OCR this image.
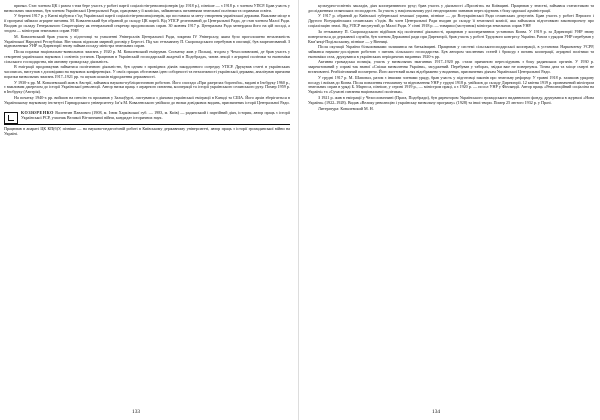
принял. Стає членом ЦК і разом з тим бере участь у роботі партії соціалістів-революціонерів (до 1918 р.), пізніше — з 1918 р. є членом УПСР. Брав участь у визвольних змаганнях, був членом Української Центральної Ради, працював у її комісіях, займаючись питаннями земельної політики та справами освіти.

У березні 1917 р. у Києві відбувся з’їзд Української партії соціалістів-революціонерів, що поставила за мету створення української держави. Важливе місце в її програмі займало аграрне питання. М. Ковалевський був обраний до складу ЦК партії. Від УПСР делегований до Центральної Ради, де став членом Малої Ради. Входив до складу Генерального Секретаріату як генеральний секретар продовольчих справ. 30 жовтня 1917 р. Центральна Рада затвердила його на цій посаді, а згодом — міністром земельних справ УНР.

М. Ковалевський брав участь у підготовці та ухваленні Універсалів Центральної Ради, зокрема IV Універсалу, яким було проголошено незалежність Української Народної Республіки. Він також підписав мирний договір у Бересті. Під час гетьманату П. Скоропадського перебував в опозиції, був заарештований. З відновленням УНР за Директорії знову займав посаду міністра земельних справ.

Після поразки національно-визвольних змагань у 1920 р. М. Ковалевський емігрував. Спочатку жив у Польщі, згодом у Чехословаччині, де брав участь у створенні українських наукових і освітніх установ. Працював в Українській господарській академії в Подєбрадах, читав лекції з аграрної політики та економіки сільського господарства, вів активну громадську діяльність.

В еміграції продовжував займатися політичною діяльністю, був одним з провідних діячів закордонного осередку УПСР. Друкував статті в українських часописах, виступав з доповідями на наукових конференціях. У своїх працях обстоював ідею соборності та незалежності української держави, аналізував причини поразки визвольних змагань 1917–1921 рр. та шукав шляхів відродження державності.

У 1930-х рр. М. Ковалевський жив в Австрії, займався науково-публіцистичною роботою. Його спогади «При джерелах боротьби», видані в Інсбруку 1960 р., є важливим джерелом до історії Української революції. Автор низки праць з аграрного питання, кооперації та історії українського селянського руху. Помер 1959 р. в Інсбруку (Австрія).

На початку 1940-х рр. вийшов на пенсію та проживав у Зальцбурзі, листувався з діячами української еміграції в Канаді та США. Його архів зберігається в Українському науковому інституті Гарвардського університету. Ім’я М. Ковалевського увійшло до низки довідкових видань, присвячених історії Центральної Ради.

КОЗЮРЕНКО Валентин Павлович (1908, м. Ізюм Харківської губ. — 1983, м. Київ) — радянський і партійний діяч, історик, автор праць з історії Української РСР, учасник Великої Вітчизняної війни, кандидат історичних наук.

Працював в апараті ЦК КП(б)У, пізніше — на науково-педагогічній роботі в Київському державному університеті, автор праць з історії громадянської війни на Україні.

133

культурно-освітніх закладів, діяч кооперативного руху; брав участь у діяльності «Просвіти» на Київщині. Працював у земстві, займався статистикою та дослідженням селянських господарств. За участь у національному русі неодноразово зазнавав переслідувань з боку царської адміністрації.

У 1917 р. обраний до Київської губернської земської управи, пізніше — до Всеукраїнської Ради селянських депутатів. Брав участь у роботі Першого і Другого Всеукраїнських селянських з’їздів. Як член Центральної Ради входив до складу її земельної комісії, яка займалася підготовкою законопроекту про соціалізацію землі. Від УПСР висунутий до Малої Ради. У січні 1918 р. — товариш (заступник) міністра земельних справ УНР.

За гетьманату П. Скоропадського відійшов від політичної діяльності, працював у кооперативних установах Києва. У 1919 р. за Директорії УНР знову повертається до державної служби, був членом Державної ради при Директорії, брав участь у роботі Трудового конгресу України. Разом з урядом УНР перебував у Кам’янці-Подільському, пізніше — у Вінниці.

Після окупації України більшовиками залишився на батьківщині. Працював у системі сільськогосподарської кооперації, в установах Наркомзему УСРР, займався науково-дослідною роботою з питань сільського господарства. Був автором численних статей і брошур з питань кооперації, аграрної політики та економіки села, друкувався в українських періодичних виданнях 1920-х рр.

Активна громадська позиція, участь у визвольних змаганнях 1917–1920 рр. стали причиною переслідувань з боку радянських органів. У 1930 р. заарештований у справі так званої «Спілки визволення України», засуджений. Перебував у таборах, звідки вже не повернувся. Точна дата та місце смерті не встановлені. Реабілітований посмертно. Його життєвий шлях відображено у виданнях, присвячених діячам Української Центральної Ради.

У грудні 1917 р. М. Шаповал, разом з іншими членами уряду, брав участь у підготовці законів про земельну реформу. У травні 1918 р. залишив урядову посаду і виїхав до Києва. Після повалення гетьманату та відновлення УНР у грудні 1918 р. увійшов до складу Директорії. 12 квітня 1919 р. призначений міністром земельних справ в уряді Б. Мартоса, пізніше, у серпні 1919 р., — міністром праці, а з 1920 р. — посол УНР у Фінляндії. Автор праць «Революційний соціалізм на Україні» та «Сучасні питання національної політики».

З 1921 р. жив в еміграції у Чехословаччині (Прага, Подєбради), був директором Українського громадського видавничого фонду, друкувався в журналі «Нова Україна» (1922–1928). Видав «Велику революцію і українську визвольну програму» (1928) та інші твори. Помер 25 лютого 1932 р. у Празі.

Литература: Ковалевский М. Н.

134
